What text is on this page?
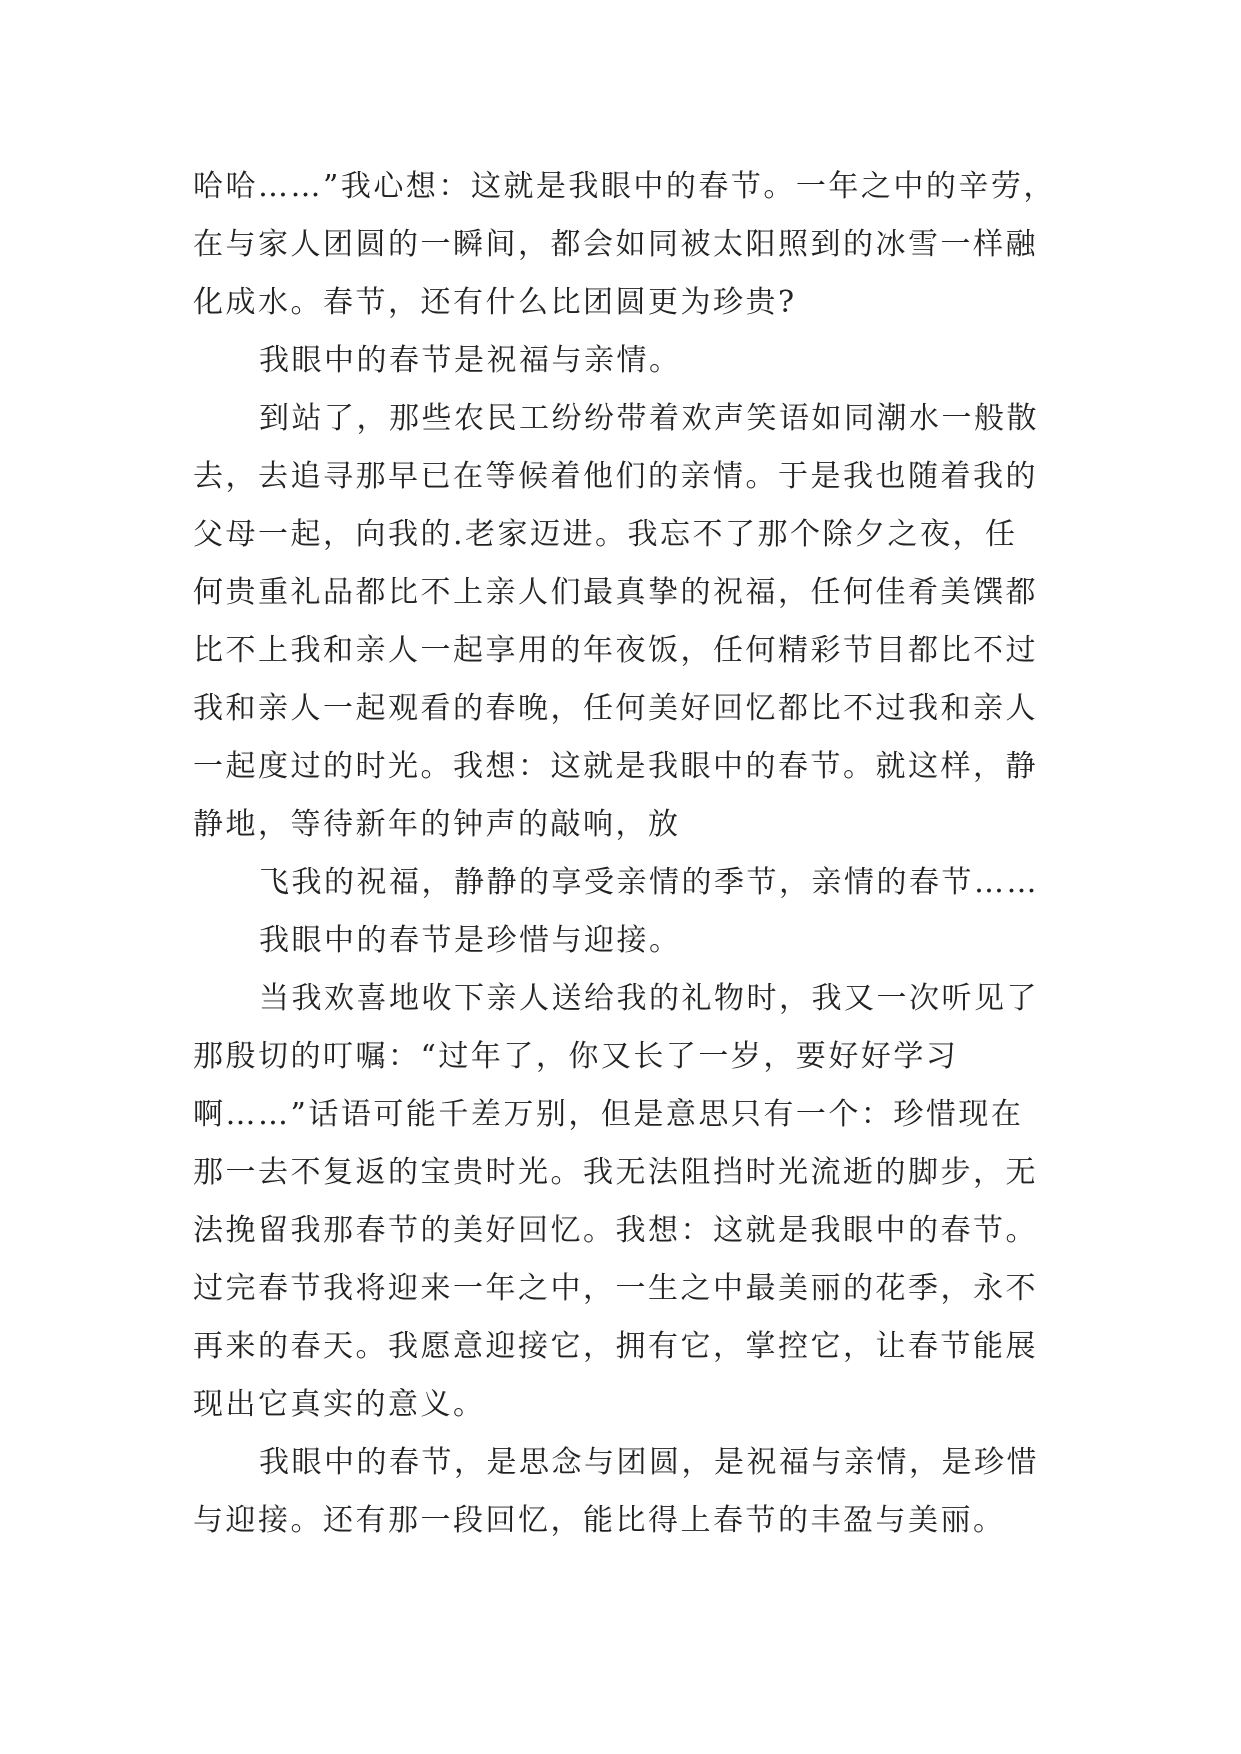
哈哈……”我心想：这就是我眼中的春节。一年之中的辛劳，
在与家人团圆的一瞬间，都会如同被太阳照到的冰雪一样融
化成水。春节，还有什么比团圆更为珍贵?
我眼中的春节是祝福与亲情。
到站了，那些农民工纷纷带着欢声笑语如同潮水一般散
去，去追寻那早已在等候着他们的亲情。于是我也随着我的
父母一起，向我的.老家迈进。我忘不了那个除夕之夜，任
何贵重礼品都比不上亲人们最真挚的祝福，任何佳肴美馔都
比不上我和亲人一起享用的年夜饭，任何精彩节目都比不过
我和亲人一起观看的春晚，任何美好回忆都比不过我和亲人
一起度过的时光。我想：这就是我眼中的春节。就这样，静
静地，等待新年的钟声的敲响，放
飞我的祝福，静静的享受亲情的季节，亲情的春节……
我眼中的春节是珍惜与迎接。
当我欢喜地收下亲人送给我的礼物时，我又一次听见了
那殷切的叮嘱：“过年了，你又长了一岁，要好好学习
啊……”话语可能千差万别，但是意思只有一个：珍惜现在
那一去不复返的宝贵时光。我无法阻挡时光流逝的脚步，无
法挽留我那春节的美好回忆。我想：这就是我眼中的春节。
过完春节我将迎来一年之中，一生之中最美丽的花季，永不
再来的春天。我愿意迎接它，拥有它，掌控它，让春节能展
现出它真实的意义。
我眼中的春节，是思念与团圆，是祝福与亲情，是珍惜
与迎接。还有那一段回忆，能比得上春节的丰盈与美丽。
